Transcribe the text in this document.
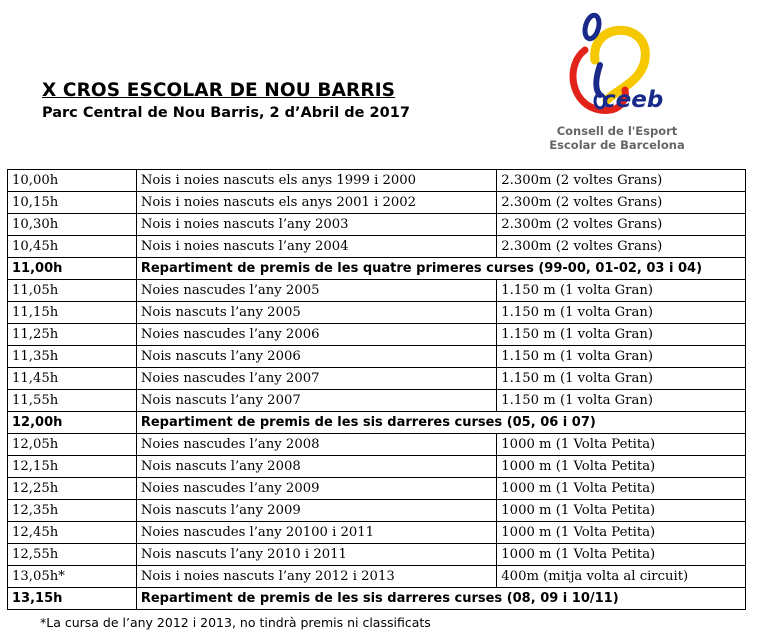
X CROS ESCOLAR DE NOU BARRIS
Parc Central de Nou Barris, 2 d’Abril de 2017	ceeb
Consell de l'Esport
Escolar de Barcelona
10,00h	Nois i noies nascuts els anys 1999 i 2000	2.300m (2 voltes Grans)
10,15h	Nois i noies nascuts els anys 2001 i 2002	2.300m (2 voltes Grans)
10,30h	Nois i noies nascuts l’any 2003	2.300m (2 voltes Grans)
10,45h	Nois i noies nascuts l’any 2004	2.300m (2 voltes Grans)
11,00h	Repartiment de premis de les quatre primeres curses (99-00, 01-02, 03 i 04)	
11,05h	Noies nascudes l’any 2005	1.150 m (1 volta Gran)
11,15h	Nois nascuts l’any 2005	1.150 m (1 volta Gran)
11,25h	Noies nascudes l’any 2006	1.150 m (1 volta Gran)
11,35h	Nois nascuts l’any 2006	1.150 m (1 volta Gran)
11,45h	Noies nascudes l’any 2007	1.150 m (1 volta Gran)
11,55h	Nois nascuts l’any 2007	1.150 m (1 volta Gran)
12,00h	Repartiment de premis de les sis darreres curses (05, 06 i 07)	
12,05h	Noies nascudes l’any 2008	1000 m (1 Volta Petita)
12,15h	Nois nascuts l’any 2008	1000 m (1 Volta Petita)
12,25h	Noies nascudes l’any 2009	1000 m (1 Volta Petita)
12,35h	Nois nascuts l’any 2009	1000 m (1 Volta Petita)
12,45h	Noies nascudes l’any 20100 i 2011	1000 m (1 Volta Petita)
12,55h	Nois nascuts l’any 2010 i 2011	1000 m (1 Volta Petita)
13,05h*	Nois i noies nascuts l’any 2012 i 2013	400m (mitja volta al circuit)
13,15h	Repartiment de premis de les sis darreres curses (08, 09 i 10/11)	
*La cursa de l’any 2012 i 2013, no tindrà premis ni classificats
